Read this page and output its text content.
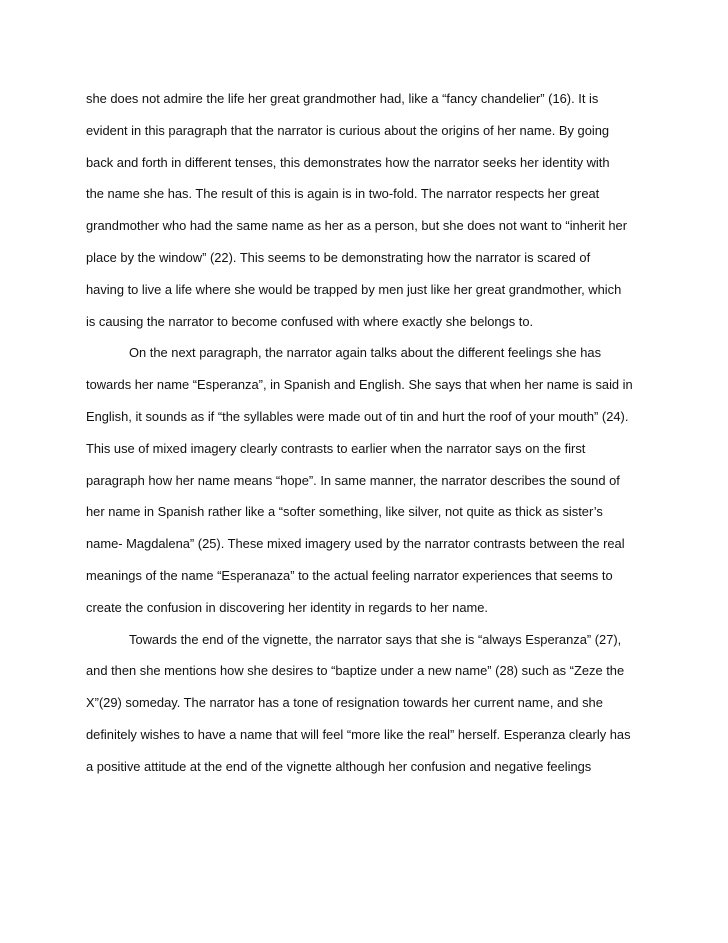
she does not admire the life her great grandmother had, like a “fancy chandelier” (16). It is
evident in this paragraph that the narrator is curious about the origins of her name. By going
back and forth in different tenses, this demonstrates how the narrator seeks her identity with
the name she has. The result of this is again is in two-fold. The narrator respects her great
grandmother who had the same name as her as a person, but she does not want to “inherit her
place by the window” (22). This seems to be demonstrating how the narrator is scared of
having to live a life where she would be trapped by men just like her great grandmother, which
is causing the narrator to become confused with where exactly she belongs to.
On the next paragraph, the narrator again talks about the different feelings she has
towards her name “Esperanza”, in Spanish and English. She says that when her name is said in
English, it sounds as if “the syllables were made out of tin and hurt the roof of your mouth” (24).
This use of mixed imagery clearly contrasts to earlier when the narrator says on the first
paragraph how her name means “hope”. In same manner, the narrator describes the sound of
her name in Spanish rather like a “softer something, like silver, not quite as thick as sister’s
name- Magdalena” (25). These mixed imagery used by the narrator contrasts between the real
meanings of the name “Esperanaza” to the actual feeling narrator experiences that seems to
create the confusion in discovering her identity in regards to her name.
Towards the end of the vignette, the narrator says that she is “always Esperanza” (27),
and then she mentions how she desires to “baptize under a new name” (28) such as “Zeze the
X”(29) someday. The narrator has a tone of resignation towards her current name, and she
definitely wishes to have a name that will feel “more like the real” herself. Esperanza clearly has
a positive attitude at the end of the vignette although her confusion and negative feelings
